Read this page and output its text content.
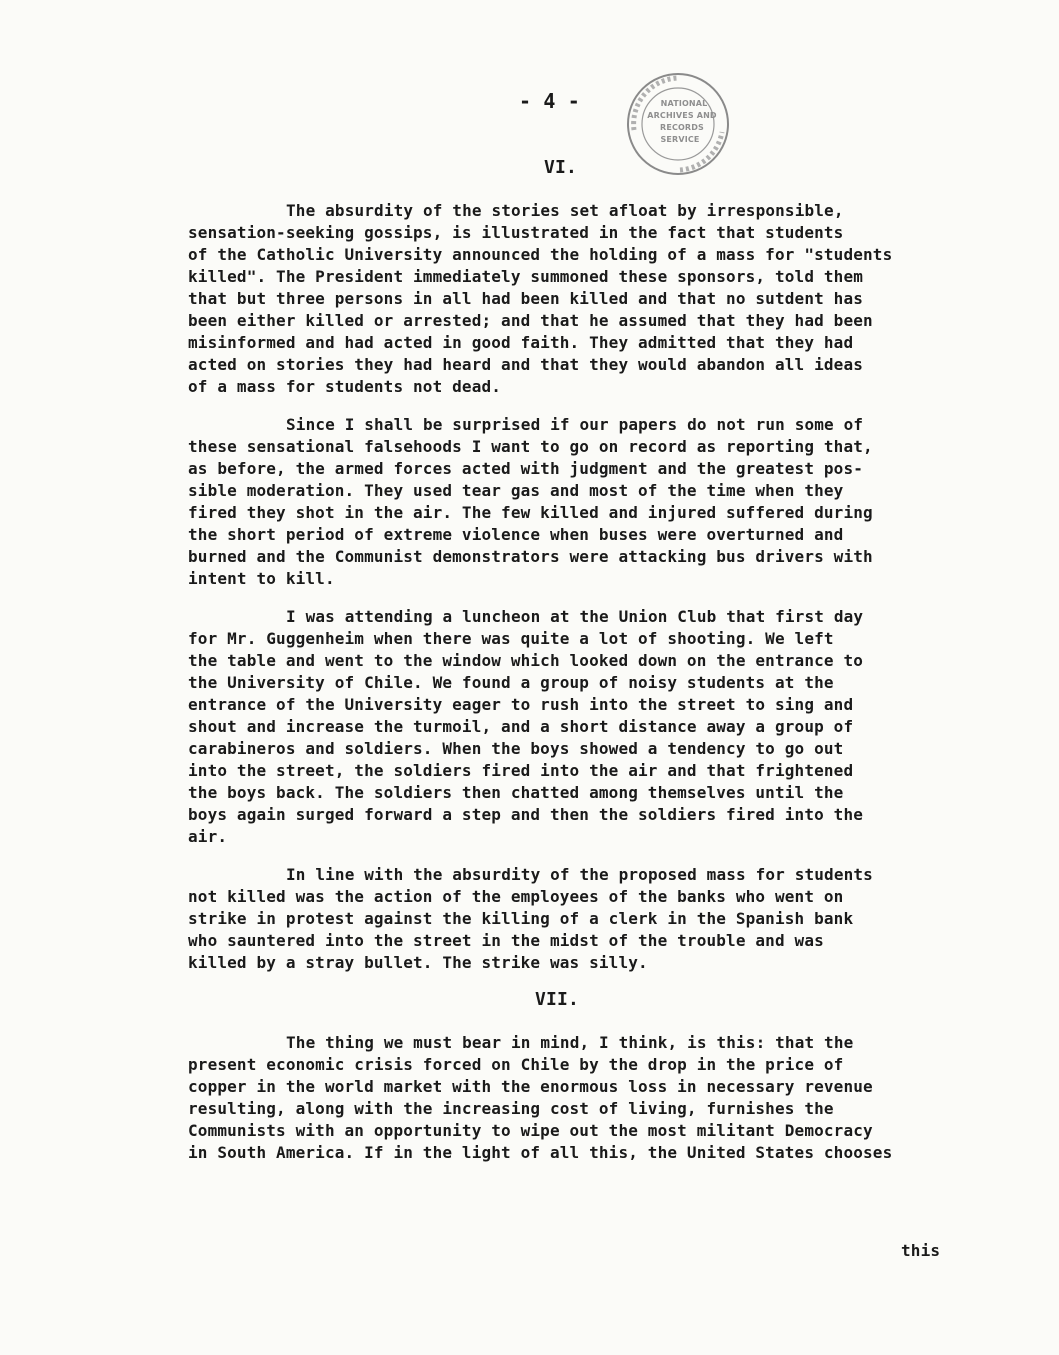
- 4 -	NATIONAL
ARCHIVES AND
RECORDS
SERVICE
VI.
The absurdity of the stories set afloat by irresponsible,
sensation-seeking gossips, is illustrated in the fact that students
of the Catholic University announced the holding of a mass for "students
killed". The President immediately summoned these sponsors, told them
that but three persons in all had been killed and that no sutdent has
been either killed or arrested; and that he assumed that they had been
misinformed and had acted in good faith. They admitted that they had
acted on stories they had heard and that they would abandon all ideas
of a mass for students not dead.
Since I shall be surprised if our papers do not run some of
these sensational falsehoods I want to go on record as reporting that,
as before, the armed forces acted with judgment and the greatest pos-
sible moderation. They used tear gas and most of the time when they
fired they shot in the air. The few killed and injured suffered during
the short period of extreme violence when buses were overturned and
burned and the Communist demonstrators were attacking bus drivers with
intent to kill.
I was attending a luncheon at the Union Club that first day
for Mr. Guggenheim when there was quite a lot of shooting. We left
the table and went to the window which looked down on the entrance to
the University of Chile. We found a group of noisy students at the
entrance of the University eager to rush into the street to sing and
shout and increase the turmoil, and a short distance away a group of
carabineros and soldiers. When the boys showed a tendency to go out
into the street, the soldiers fired into the air and that frightened
the boys back. The soldiers then chatted among themselves until the
boys again surged forward a step and then the soldiers fired into the
air.
In line with the absurdity of the proposed mass for students
not killed was the action of the employees of the banks who went on
strike in protest against the killing of a clerk in the Spanish bank
who sauntered into the street in the midst of the trouble and was
killed by a stray bullet. The strike was silly.
VII.
The thing we must bear in mind, I think, is this: that the
present economic crisis forced on Chile by the drop in the price of
copper in the world market with the enormous loss in necessary revenue
resulting, along with the increasing cost of living, furnishes the
Communists with an opportunity to wipe out the most militant Democracy
in South America. If in the light of all this, the United States chooses
this
